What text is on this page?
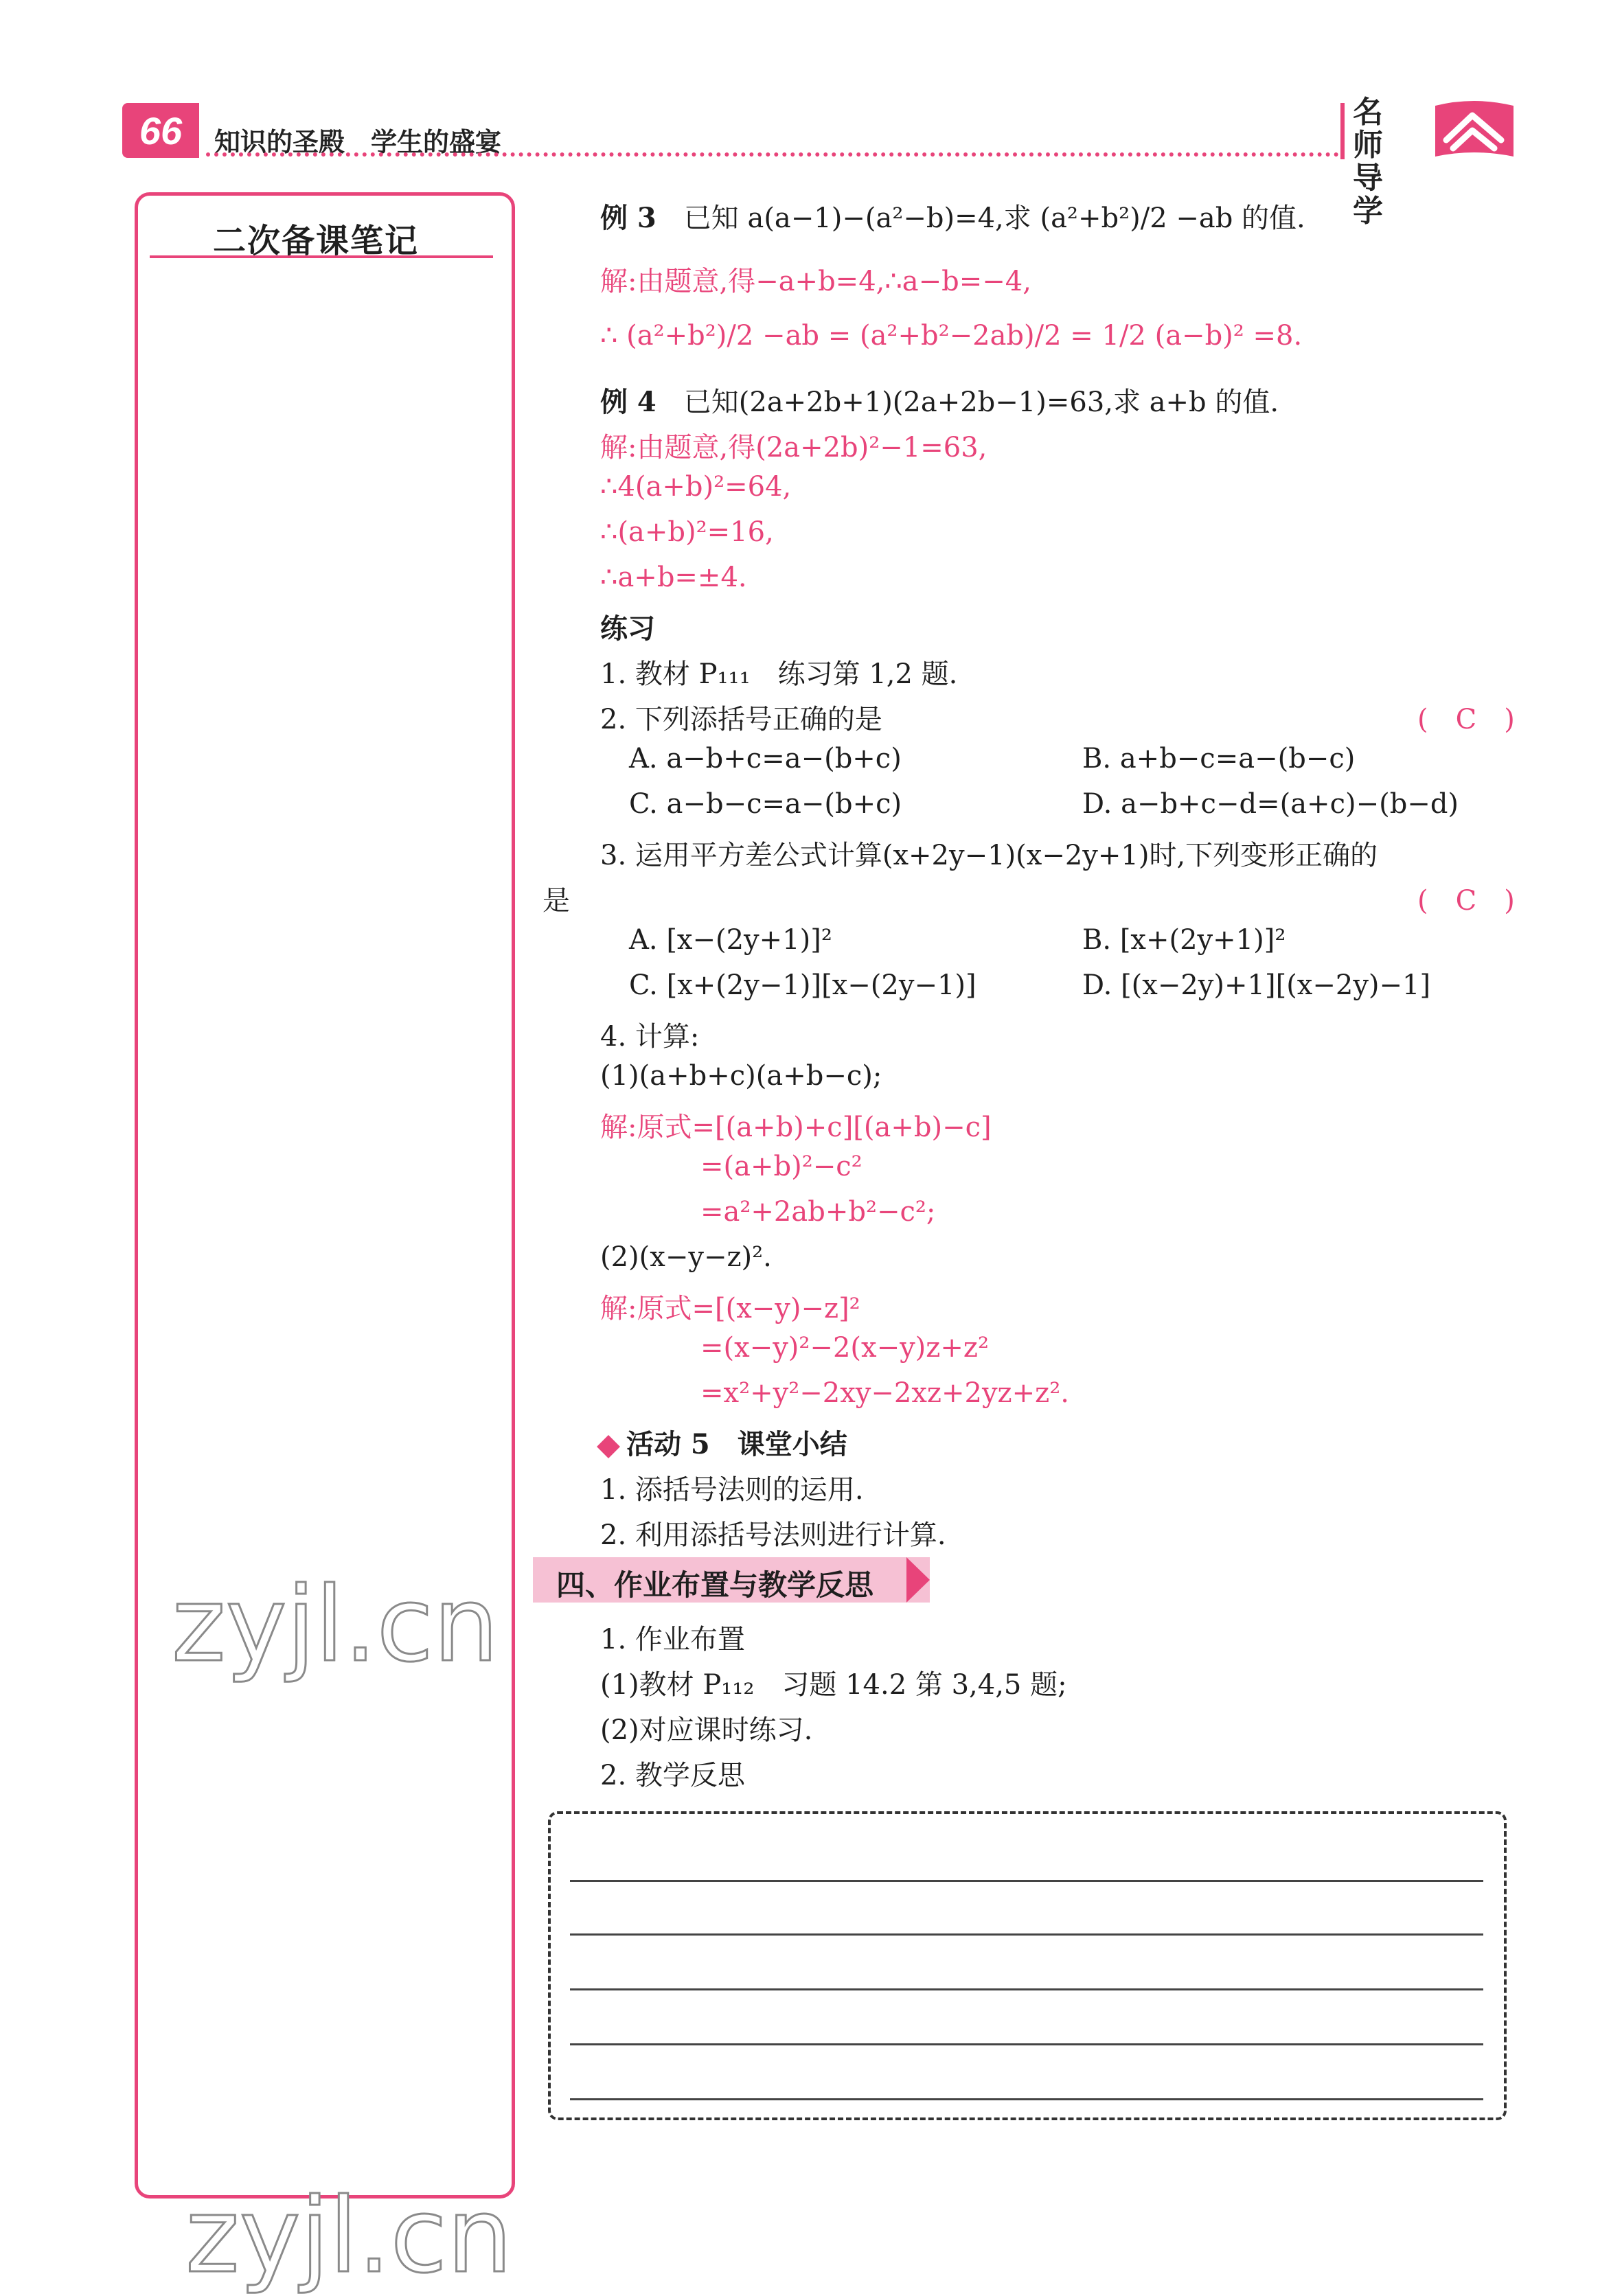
66	知识的圣殿　学生的盛宴
名师
导学
二次备课笔记
zyjl.cn
zyjl.cn
例 3　 已知 a(a−1)−(a²−b)=4,求 (a²+b²)/2 −ab 的值.
解:由题意,得−a+b=4,∴a−b=−4,
∴ (a²+b²)/2 −ab = (a²+b²−2ab)/2 = 1/2 (a−b)² =8.
例 4　 已知(2a+2b+1)(2a+2b−1)=63,求 a+b 的值.
解:由题意,得(2a+2b)²−1=63,
∴4(a+b)²=64,
∴(a+b)²=16,
∴a+b=±4.
练习
1. 教材 P₁₁₁　练习第 1,2 题.
2. 下列添括号正确的是	(　C　)
A. a−b+c=a−(b+c)	B. a+b−c=a−(b−c)
C. a−b−c=a−(b+c)	D. a−b+c−d=(a+c)−(b−d)
3. 运用平方差公式计算(x+2y−1)(x−2y+1)时,下列变形正确的
是	(　C　)
A. [x−(2y+1)]²	B. [x+(2y+1)]²
C. [x+(2y−1)][x−(2y−1)]	D. [(x−2y)+1][(x−2y)−1]
4. 计算:
(1)(a+b+c)(a+b−c);
解:原式=[(a+b)+c][(a+b)−c]
=(a+b)²−c²
=a²+2ab+b²−c²;
(2)(x−y−z)².
解:原式=[(x−y)−z]²
=(x−y)²−2(x−y)z+z²
=x²+y²−2xy−2xz+2yz+z².
活动 5　课堂小结
1. 添括号法则的运用.
2. 利用添括号法则进行计算.
四、作业布置与教学反思
1. 作业布置
(1)教材 P₁₁₂　习题 14.2 第 3,4,5 题;
(2)对应课时练习.
2. 教学反思
